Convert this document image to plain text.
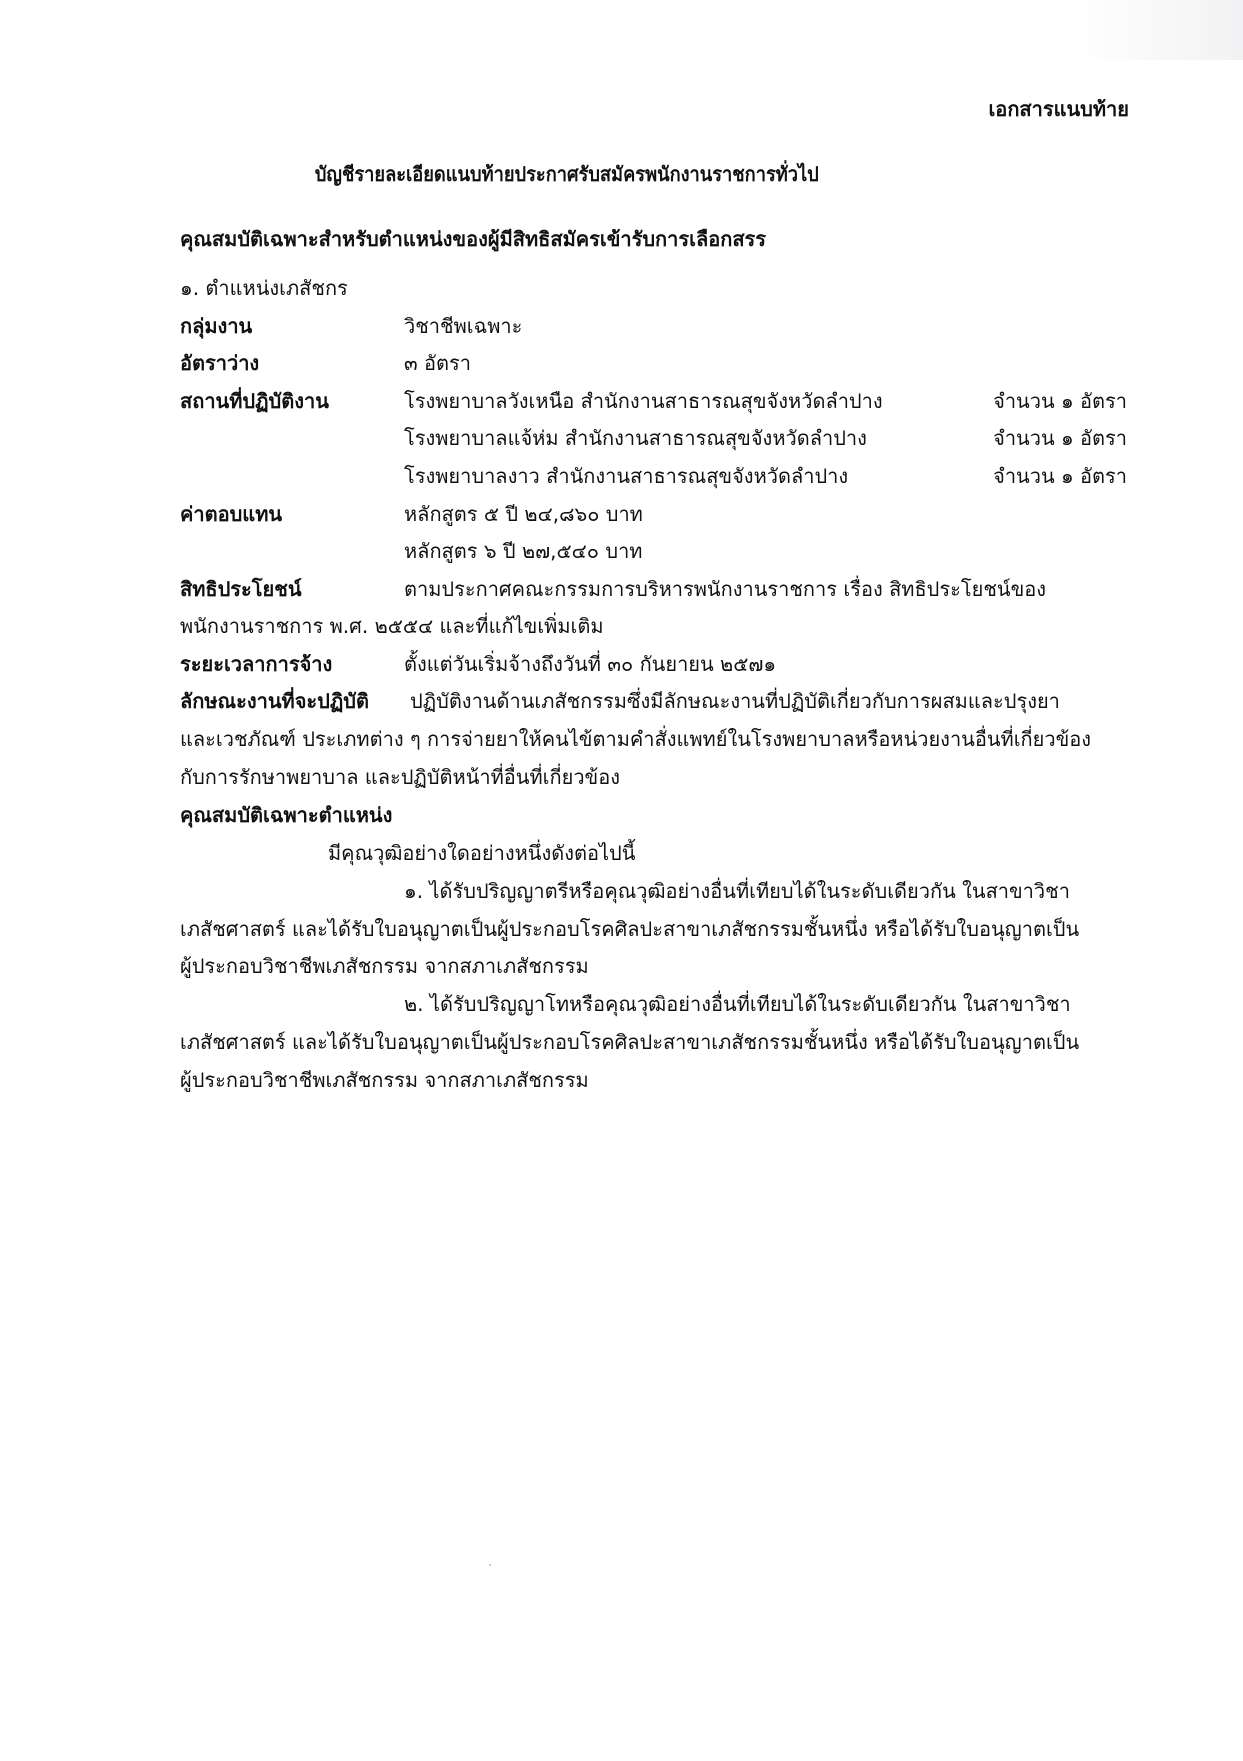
เอกสารแนบท้าย
บัญชีรายละเอียดแนบท้ายประกาศรับสมัครพนักงานราชการทั่วไป
คุณสมบัติเฉพาะสำหรับตำแหน่งของผู้มีสิทธิสมัครเข้ารับการเลือกสรร
๑. ตำแหน่งเภสัชกร
กลุ่มงาน	วิชาชีพเฉพาะ
อัตราว่าง	๓ อัตรา
สถานที่ปฏิบัติงาน	โรงพยาบาลวังเหนือ สำนักงานสาธารณสุขจังหวัดลำปาง	จำนวน ๑ อัตรา
โรงพยาบาลแจ้ห่ม สำนักงานสาธารณสุขจังหวัดลำปาง	จำนวน ๑ อัตรา
โรงพยาบาลงาว สำนักงานสาธารณสุขจังหวัดลำปาง	จำนวน ๑ อัตรา
ค่าตอบแทน	หลักสูตร ๕ ปี ๒๔,๘๖๐ บาท
หลักสูตร ๖ ปี ๒๗,๕๔๐ บาท
สิทธิประโยชน์	ตามประกาศคณะกรรมการบริหารพนักงานราชการ เรื่อง สิทธิประโยชน์ของ
พนักงานราชการ พ.ศ. ๒๕๕๔ และที่แก้ไขเพิ่มเติม
ระยะเวลาการจ้าง	ตั้งแต่วันเริ่มจ้างถึงวันที่ ๓๐ กันยายน ๒๕๗๑
ลักษณะงานที่จะปฏิบัติ ปฏิบัติงานด้านเภสัชกรรมซึ่งมีลักษณะงานที่ปฏิบัติเกี่ยวกับการผสมและปรุงยา
และเวชภัณฑ์ ประเภทต่าง ๆ การจ่ายยาให้คนไข้ตามคำสั่งแพทย์ในโรงพยาบาลหรือหน่วยงานอื่นที่เกี่ยวข้อง
กับการรักษาพยาบาล และปฏิบัติหน้าที่อื่นที่เกี่ยวข้อง
คุณสมบัติเฉพาะตำแหน่ง
มีคุณวุฒิอย่างใดอย่างหนึ่งดังต่อไปนี้
๑. ได้รับปริญญาตรีหรือคุณวุฒิอย่างอื่นที่เทียบได้ในระดับเดียวกัน ในสาขาวิชา
เภสัชศาสตร์ และได้รับใบอนุญาตเป็นผู้ประกอบโรคศิลปะสาขาเภสัชกรรมชั้นหนึ่ง หรือได้รับใบอนุญาตเป็น
ผู้ประกอบวิชาชีพเภสัชกรรม จากสภาเภสัชกรรม
๒. ได้รับปริญญาโทหรือคุณวุฒิอย่างอื่นที่เทียบได้ในระดับเดียวกัน ในสาขาวิชา
เภสัชศาสตร์ และได้รับใบอนุญาตเป็นผู้ประกอบโรคศิลปะสาขาเภสัชกรรมชั้นหนึ่ง หรือได้รับใบอนุญาตเป็น
ผู้ประกอบวิชาชีพเภสัชกรรม จากสภาเภสัชกรรม
